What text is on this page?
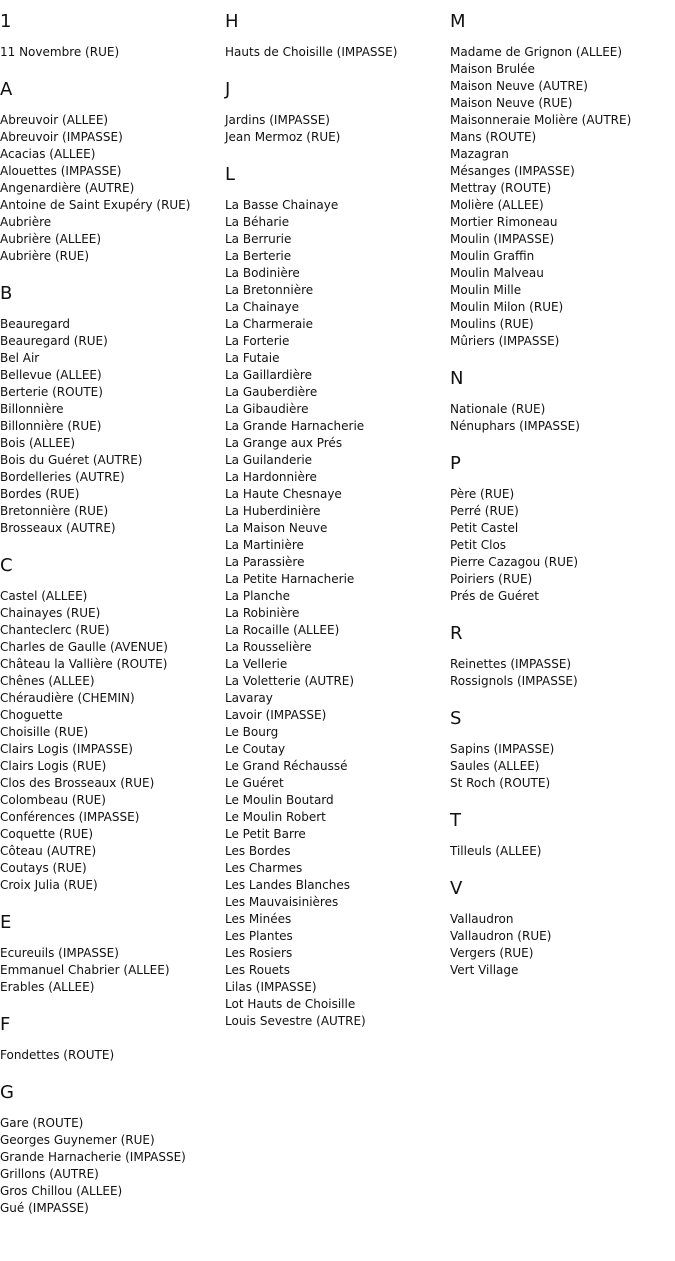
1
11 Novembre (RUE)
A
Abreuvoir (ALLEE)
Abreuvoir (IMPASSE)
Acacias (ALLEE)
Alouettes (IMPASSE)
Angenardière (AUTRE)
Antoine de Saint Exupéry (RUE)
Aubrière
Aubrière (ALLEE)
Aubrière (RUE)
B
Beauregard
Beauregard (RUE)
Bel Air
Bellevue (ALLEE)
Berterie (ROUTE)
Billonnière
Billonnière (RUE)
Bois (ALLEE)
Bois du Guéret (AUTRE)
Bordelleries (AUTRE)
Bordes (RUE)
Bretonnière (RUE)
Brosseaux (AUTRE)
C
Castel (ALLEE)
Chainayes (RUE)
Chanteclerc (RUE)
Charles de Gaulle (AVENUE)
Château la Vallière (ROUTE)
Chênes (ALLEE)
Chéraudière (CHEMIN)
Choguette
Choisille (RUE)
Clairs Logis (IMPASSE)
Clairs Logis (RUE)
Clos des Brosseaux (RUE)
Colombeau (RUE)
Conférences (IMPASSE)
Coquette (RUE)
Côteau (AUTRE)
Coutays (RUE)
Croix Julia (RUE)
E
Ecureuils (IMPASSE)
Emmanuel Chabrier (ALLEE)
Erables (ALLEE)
F
Fondettes (ROUTE)
G
Gare (ROUTE)
Georges Guynemer (RUE)
Grande Harnacherie (IMPASSE)
Grillons (AUTRE)
Gros Chillou (ALLEE)
Gué (IMPASSE)
H
Hauts de Choisille (IMPASSE)
J
Jardins (IMPASSE)
Jean Mermoz (RUE)
L
La Basse Chainaye
La Béharie
La Berrurie
La Berterie
La Bodinière
La Bretonnière
La Chainaye
La Charmeraie
La Forterie
La Futaie
La Gaillardière
La Gauberdière
La Gibaudière
La Grande Harnacherie
La Grange aux Prés
La Guilanderie
La Hardonnière
La Haute Chesnaye
La Huberdinière
La Maison Neuve
La Martinière
La Parassière
La Petite Harnacherie
La Planche
La Robinière
La Rocaille (ALLEE)
La Rousselière
La Vellerie
La Voletterie (AUTRE)
Lavaray
Lavoir (IMPASSE)
Le Bourg
Le Coutay
Le Grand Réchaussé
Le Guéret
Le Moulin Boutard
Le Moulin Robert
Le Petit Barre
Les Bordes
Les Charmes
Les Landes Blanches
Les Mauvaisinières
Les Minées
Les Plantes
Les Rosiers
Les Rouets
Lilas (IMPASSE)
Lot Hauts de Choisille
Louis Sevestre (AUTRE)
M
Madame de Grignon (ALLEE)
Maison Brulée
Maison Neuve (AUTRE)
Maison Neuve (RUE)
Maisonneraie Molière (AUTRE)
Mans (ROUTE)
Mazagran
Mésanges (IMPASSE)
Mettray (ROUTE)
Molière (ALLEE)
Mortier Rimoneau
Moulin (IMPASSE)
Moulin Graffin
Moulin Malveau
Moulin Mille
Moulin Milon (RUE)
Moulins (RUE)
Mûriers (IMPASSE)
N
Nationale (RUE)
Nénuphars (IMPASSE)
P
Père (RUE)
Perré (RUE)
Petit Castel
Petit Clos
Pierre Cazagou (RUE)
Poiriers (RUE)
Prés de Guéret
R
Reinettes (IMPASSE)
Rossignols (IMPASSE)
S
Sapins (IMPASSE)
Saules (ALLEE)
St Roch (ROUTE)
T
Tilleuls (ALLEE)
V
Vallaudron
Vallaudron (RUE)
Vergers (RUE)
Vert Village
